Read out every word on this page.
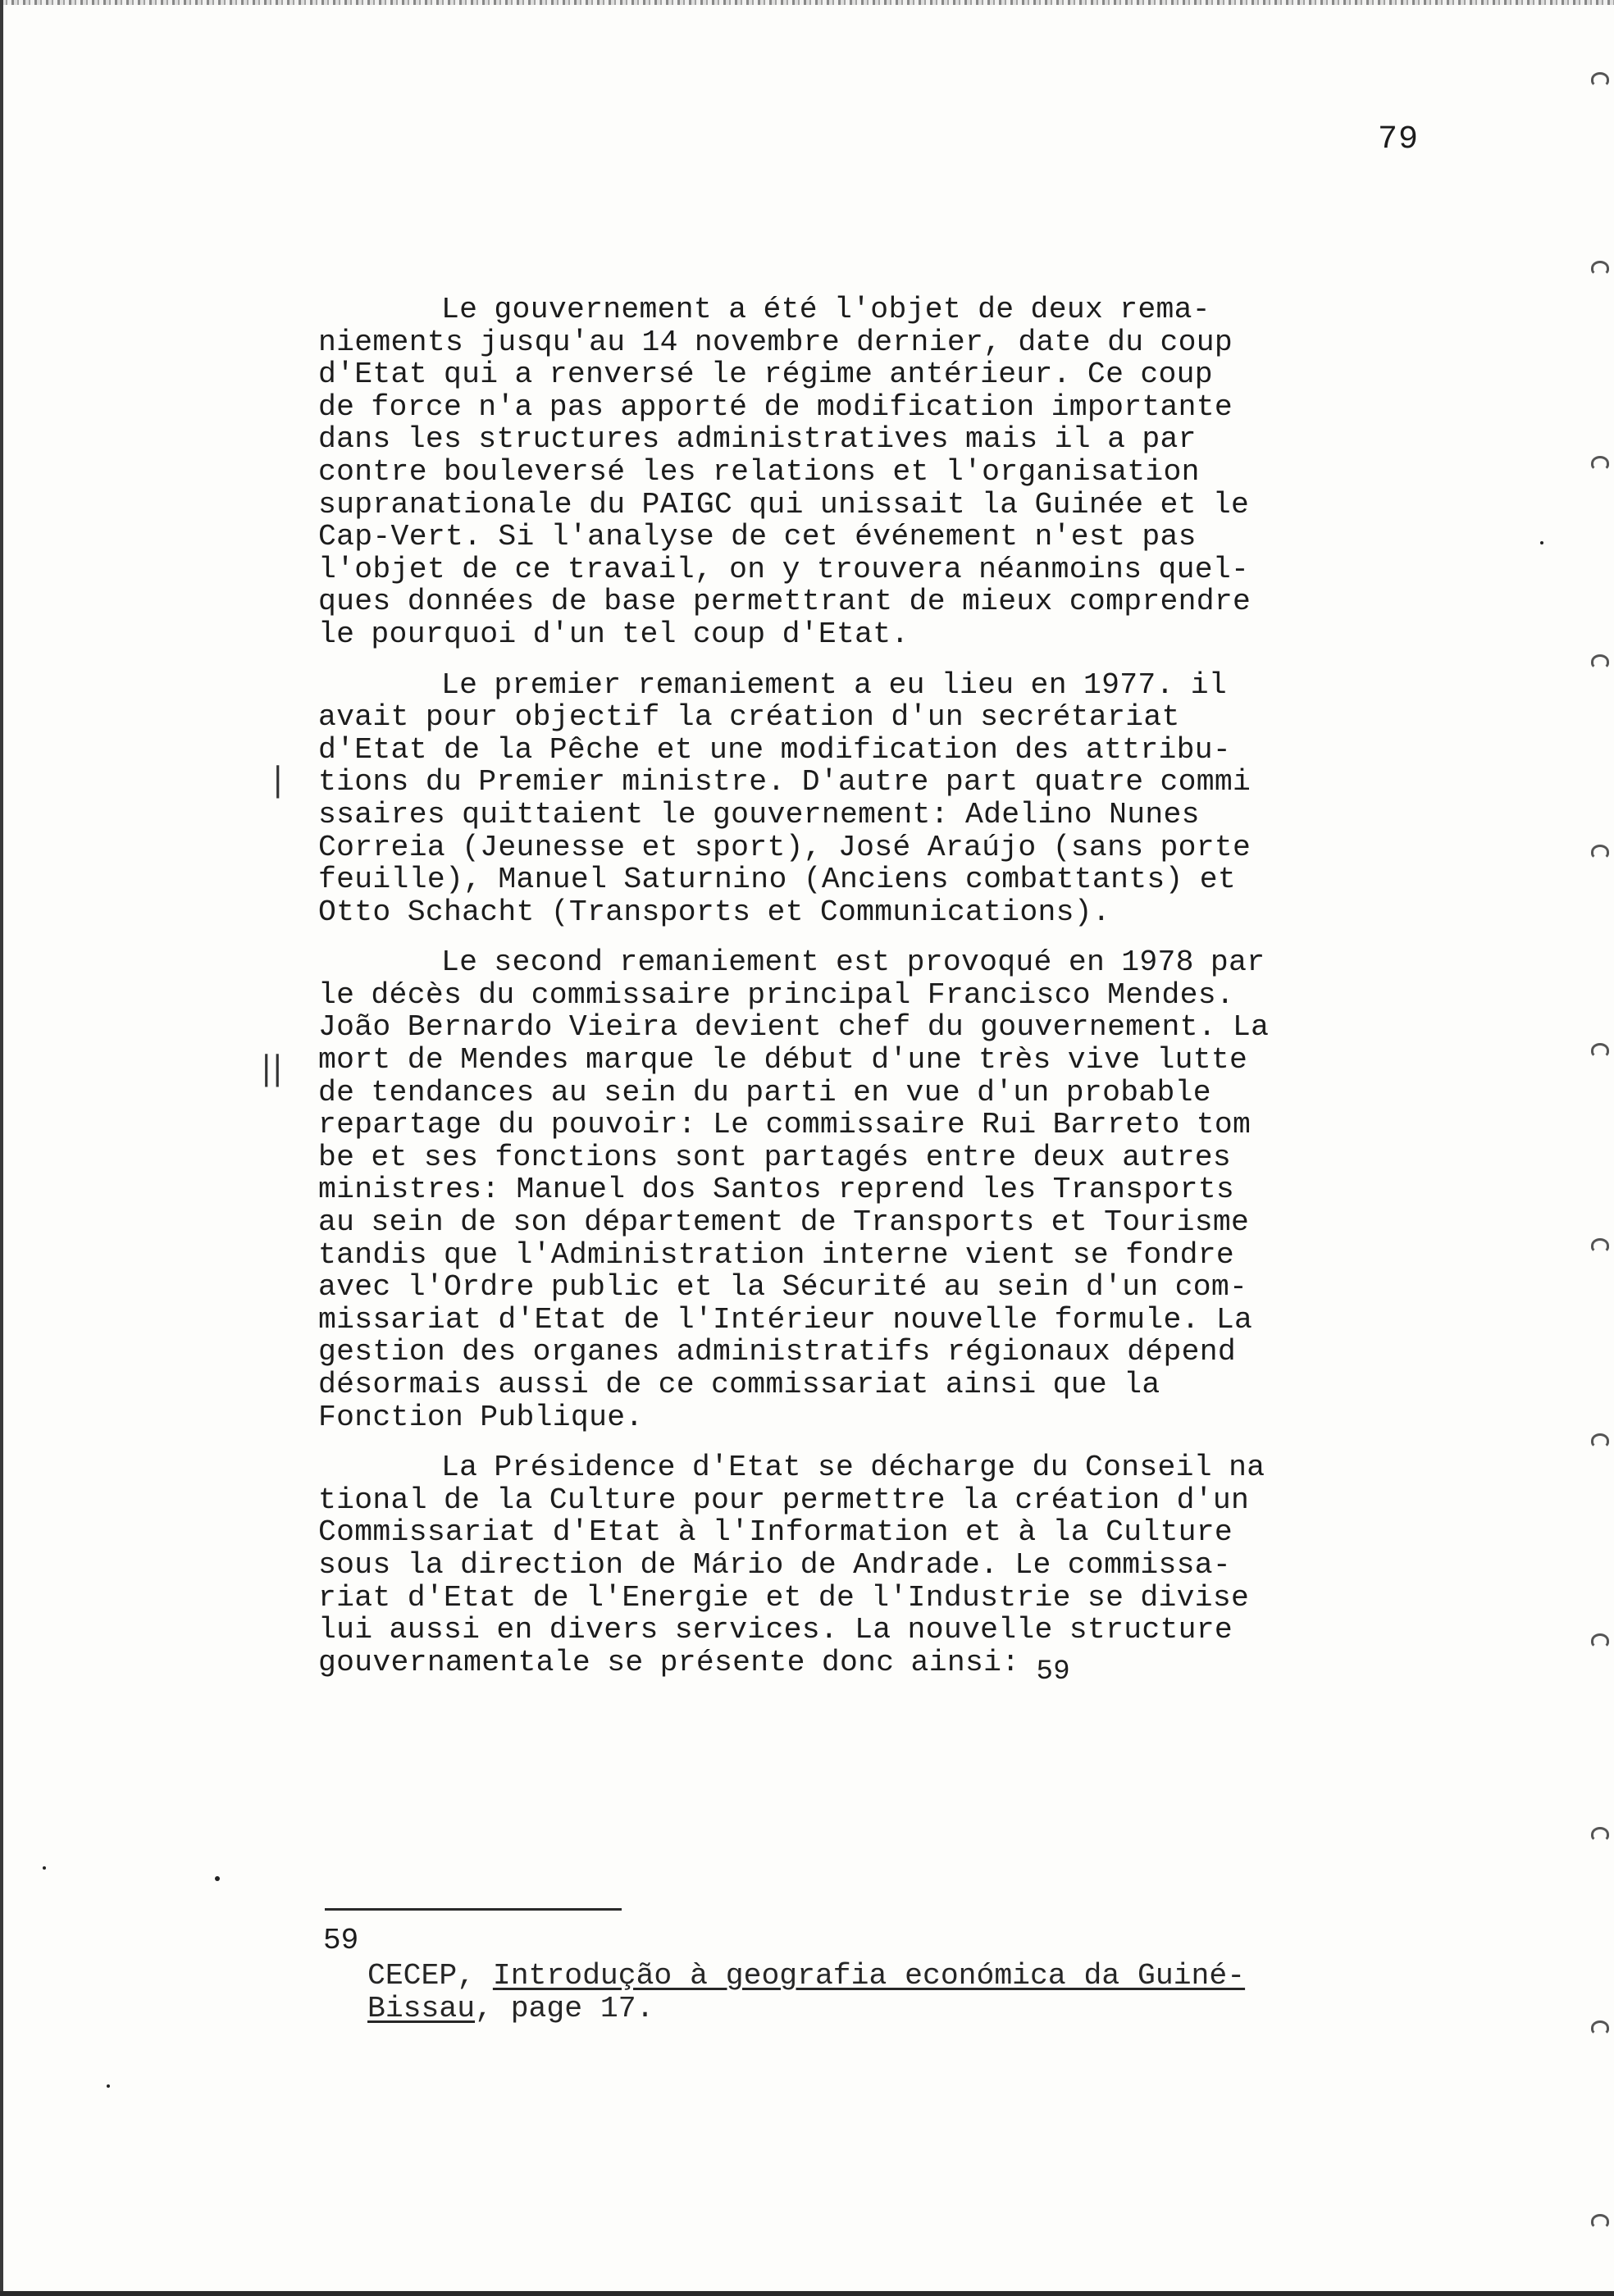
79

Le gouvernement a été l'objet de deux rema-
niements jusqu'au 14 novembre dernier, date du coup
d'Etat qui a renversé le régime antérieur. Ce coup
de force n'a pas apporté de modification importante
dans les structures administratives mais il a par
contre bouleversé les relations et l'organisation
supranationale du PAIGC qui unissait la Guinée et le
Cap-Vert. Si l'analyse de cet événement n'est pas
l'objet de ce travail, on y trouvera néanmoins quel-
ques données de base permettrant de mieux comprendre
le pourquoi d'un tel coup d'Etat.

Le premier remaniement a eu lieu en 1977. il
avait pour objectif la création d'un secrétariat
d'Etat de la Pêche et une modification des attribu-
tions du Premier ministre. D'autre part quatre commi
ssaires quittaient le gouvernement: Adelino Nunes
Correia (Jeunesse et sport), José Araújo (sans porte
feuille), Manuel Saturnino (Anciens combattants) et
Otto Schacht (Transports et Communications).

Le second remaniement est provoqué en 1978 par
le décès du commissaire principal Francisco Mendes.
João Bernardo Vieira devient chef du gouvernement. La
mort de Mendes marque le début d'une très vive lutte
de tendances au sein du parti en vue d'un probable
repartage du pouvoir: Le commissaire Rui Barreto tom
be et ses fonctions sont partagés entre deux autres
ministres: Manuel dos Santos reprend les Transports
au sein de son département de Transports et Tourisme
tandis que l'Administration interne vient se fondre
avec l'Ordre public et la Sécurité au sein d'un com-
missariat d'Etat de l'Intérieur nouvelle formule. La
gestion des organes administratifs régionaux dépend
désormais aussi de ce commissariat ainsi que la
Fonction Publique.

La Présidence d'Etat se décharge du Conseil na
tional de la Culture pour permettre la création d'un
Commissariat d'Etat à l'Information et à la Culture
sous la direction de Mário de Andrade. Le commissa-
riat d'Etat de l'Energie et de l'Industrie se divise
lui aussi en divers services. La nouvelle structure
gouvernamentale se présente donc ainsi: 59

|
||
59
CECEP, Introdução à geografia económica da Guiné-
Bissau, page 17.
